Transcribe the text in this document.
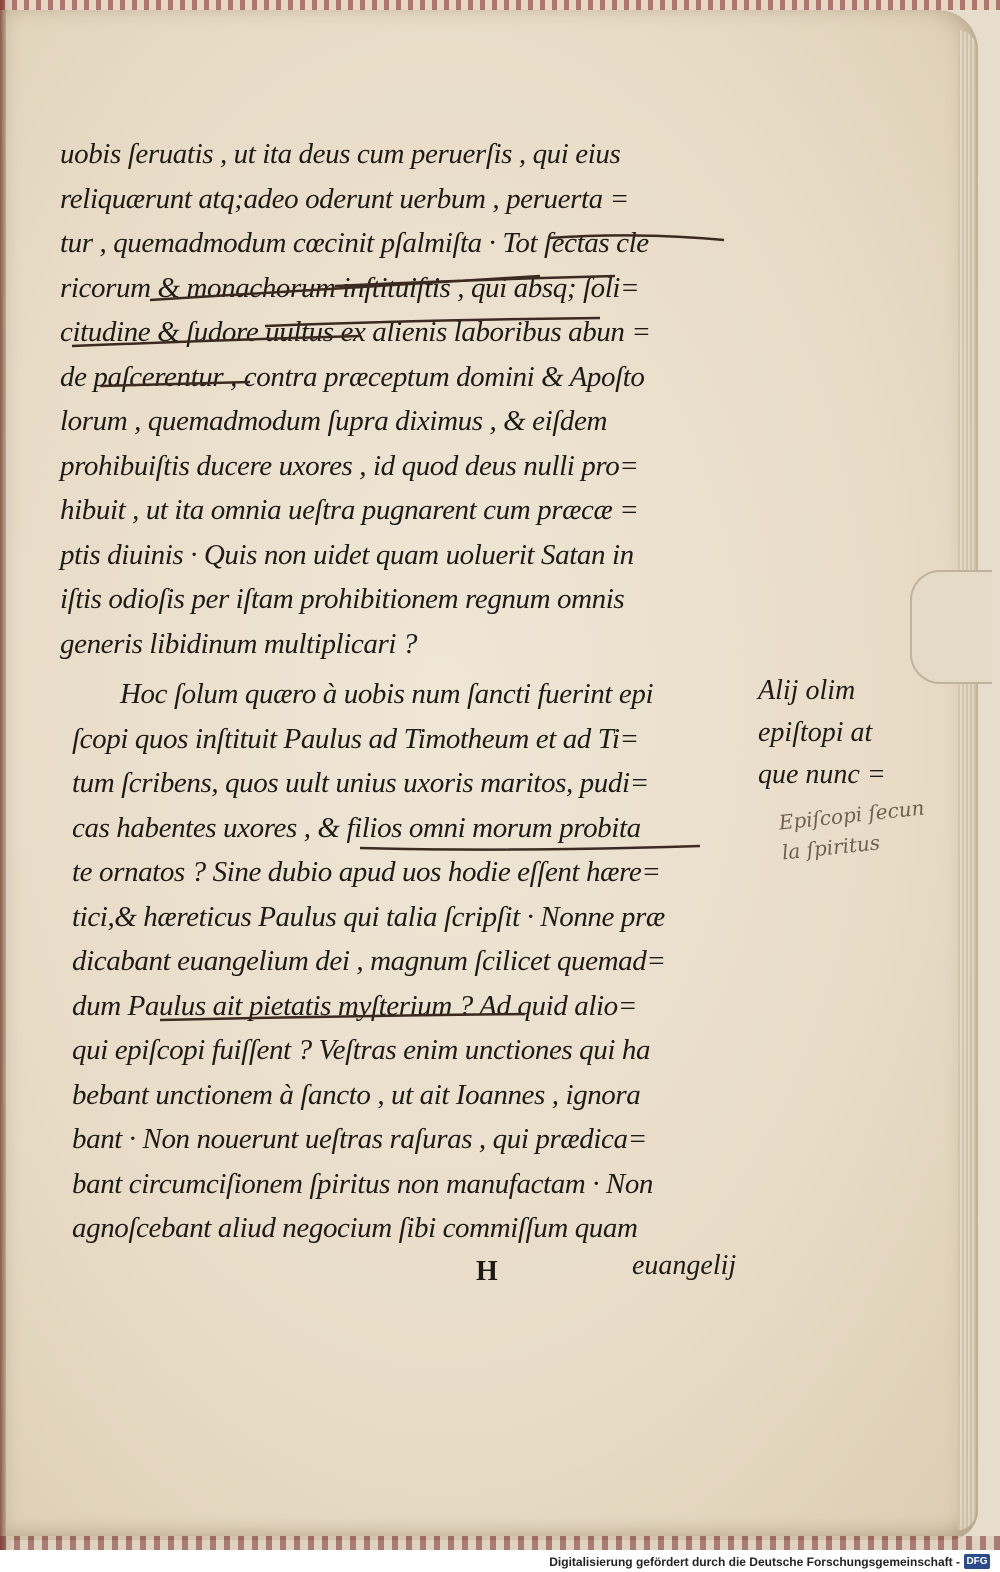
uobis ſeruatis , ut ita deus cum peruerſis , qui eius
reliquærunt atq;adeo oderunt uerbum , peruerta =
tur , quemadmodum cœcinit pſalmiſta · Tot ſectas cle
ricorum & monachorum inſtituiſtis , qui absq; ſoli=
citudine & ſudore uultus ex alienis laboribus abun =
de paſcerentur , contra præceptum domini & Apoſto
lorum , quemadmodum ſupra diximus , & eiſdem
prohibuiſtis ducere uxores , id quod deus nulli pro=
hibuit , ut ita omnia ueſtra pugnarent cum præcæ =
ptis diuinis · Quis non uidet quam uoluerit Satan in
iſtis odioſis per iſtam prohibitionem regnum omnis
generis libidinum multiplicari ?
Hoc ſolum quæro à uobis num ſancti fuerint epi
ſcopi quos inſtituit Paulus ad Timotheum et ad Ti=
tum ſcribens, quos uult unius uxoris maritos, pudi=
cas habentes uxores , & filios omni morum probita
te ornatos ? Sine dubio apud uos hodie eſſent hære=
tici,& hæreticus Paulus qui talia ſcripſit · Nonne præ
dicabant euangelium dei , magnum ſcilicet quemad=
dum Paulus ait pietatis myſterium ? Ad quid alio=
qui epiſcopi fuiſſent ? Veſtras enim unctiones qui ha
bebant unctionem à ſancto , ut ait Ioannes , ignora
bant · Non nouerunt ueſtras raſuras , qui prædica=
bant circumciſionem ſpiritus non manufactam · Non
agnoſcebant aliud negocium ſibi commiſſum quam
Alij olim
epiſtopi at
que nunc =
Epiſcopi ſecun
la ſpiritus
H	euangelij
Digitalisierung gefördert durch die Deutsche Forschungsgemeinschaft - DFG
